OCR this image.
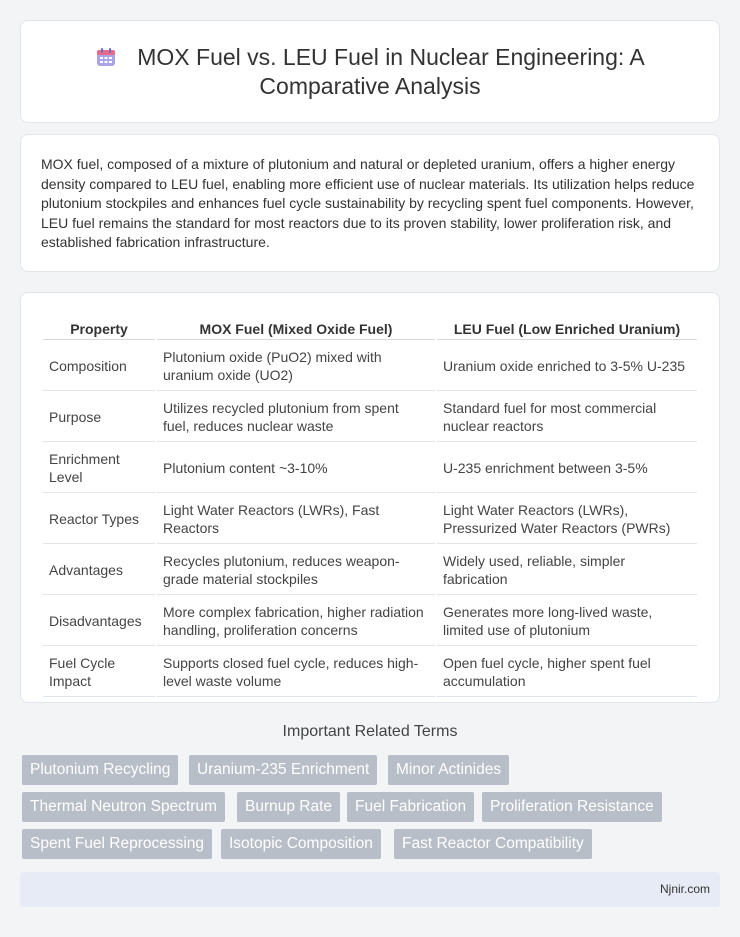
MOX Fuel vs. LEU Fuel in Nuclear Engineering: A Comparative Analysis

MOX fuel, composed of a mixture of plutonium and natural or depleted uranium, offers a higher energy density compared to LEU fuel, enabling more efficient use of nuclear materials. Its utilization helps reduce plutonium stockpiles and enhances fuel cycle sustainability by recycling spent fuel components. However, LEU fuel remains the standard for most reactors due to its proven stability, lower proliferation risk, and established fabrication infrastructure.

Property	MOX Fuel (Mixed Oxide Fuel)	LEU Fuel (Low Enriched Uranium)
Composition	Plutonium oxide (PuO2) mixed with uranium oxide (UO2)	Uranium oxide enriched to 3-5% U-235
Purpose	Utilizes recycled plutonium from spent fuel, reduces nuclear waste	Standard fuel for most commercial nuclear reactors
Enrichment Level	Plutonium content ~3-10%	U-235 enrichment between 3-5%
Reactor Types	Light Water Reactors (LWRs), Fast Reactors	Light Water Reactors (LWRs), Pressurized Water Reactors (PWRs)
Advantages	Recycles plutonium, reduces weapon-grade material stockpiles	Widely used, reliable, simpler fabrication
Disadvantages	More complex fabrication, higher radiation handling, proliferation concerns	Generates more long-lived waste, limited use of plutonium
Fuel Cycle Impact	Supports closed fuel cycle, reduces high-level waste volume	Open fuel cycle, higher spent fuel accumulation
Important Related Terms
Plutonium Recycling	Uranium-235 Enrichment	Minor Actinides
Thermal Neutron Spectrum	Burnup Rate	Fuel Fabrication	Proliferation Resistance
Spent Fuel Reprocessing	Isotopic Composition	Fast Reactor Compatibility
Njnir.com
